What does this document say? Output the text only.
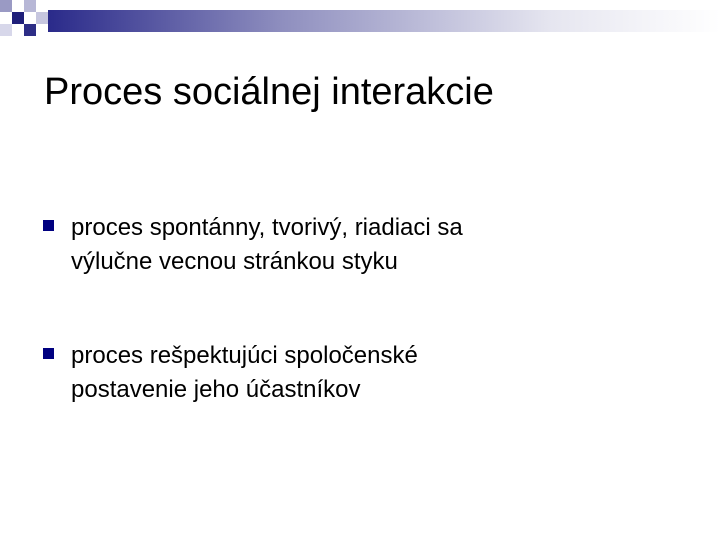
Proces sociálnej interakcie
proces spontánny, tvorivý, riadiaci sa
výlučne vecnou stránkou styku
proces rešpektujúci spoločenské
postavenie jeho účastníkov
